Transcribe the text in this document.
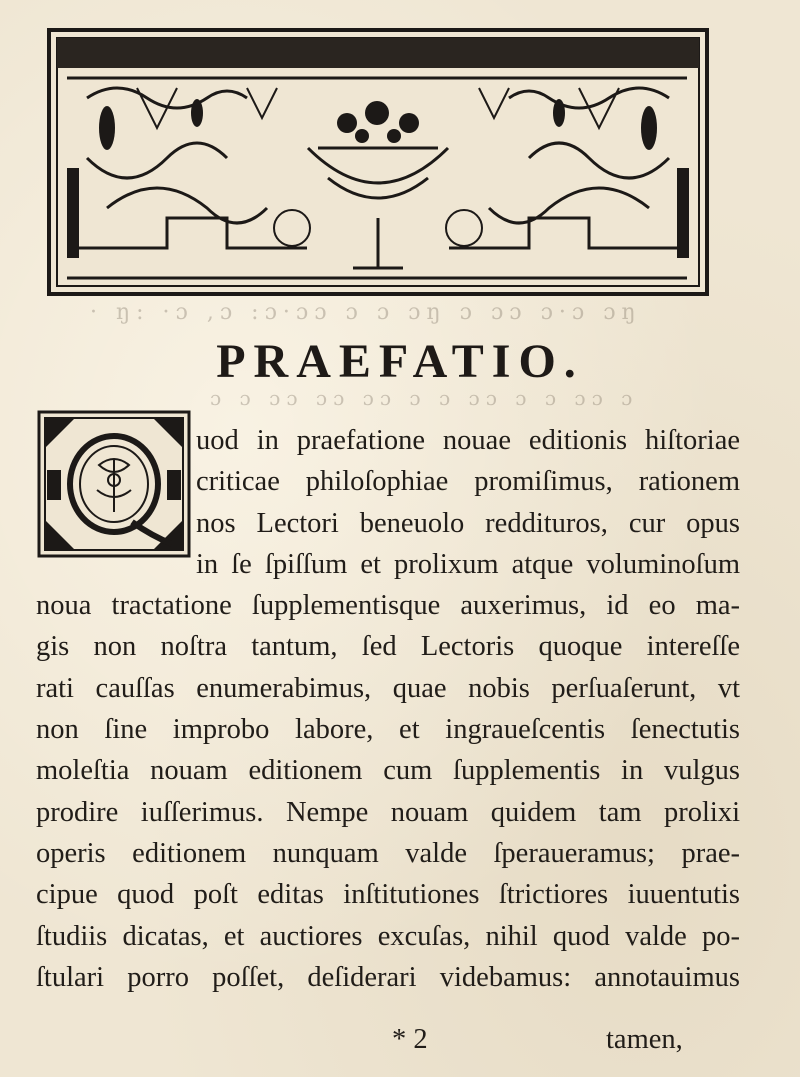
· ŋ: ·ɔ ,ɔ :ɔ·ɔɔ ɔ ɔ ɔŋ ɔ ɔɔ ɔ·ɔ ɔŋ
ɔ ɔ ɔɔ ɔɔ ɔɔ ɔ ɔ ɔɔ ɔ ɔ ɔɔ ɔ
PRAEFATIO.
uod in praefatione nouae editionis hiſtoriae
criticae philoſophiae promiſimus, rationem
nos Lectori beneuolo reddituros, cur opus
in ſe ſpiſſum et prolixum atque voluminoſum
noua tractatione ſupplementisque auxerimus, id eo ma-
gis non noſtra tantum, ſed Lectoris quoque intereſſe
rati cauſſas enumerabimus, quae nobis perſuaſerunt, vt
non ſine improbo labore, et ingraueſcentis ſenectutis
moleſtia nouam editionem cum ſupplementis in vulgus
prodire iuſſerimus. Nempe nouam quidem tam prolixi
operis editionem nunquam valde ſperaueramus; prae-
cipue quod poſt editas inſtitutiones ſtrictiores iuuentutis
ſtudiis dicatas, et auctiores excuſas, nihil quod valde po-
ſtulari porro poſſet, deſiderari videbamus: annotauimus
* 2	tamen,
